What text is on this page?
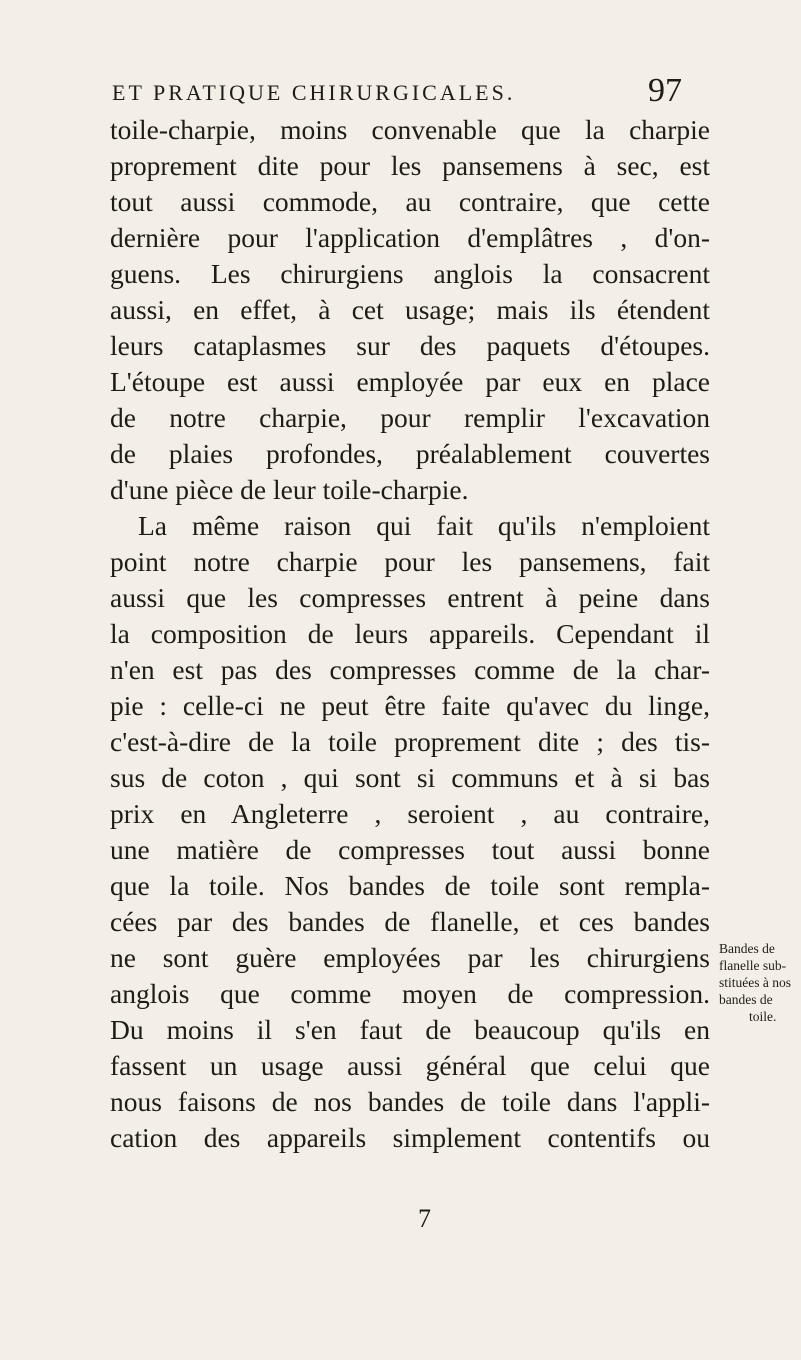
ET PRATIQUE CHIRURGICALES.	97
toile-charpie, moins convenable que la charpie
proprement dite pour les pansemens à sec, est
tout aussi commode, au contraire, que cette
dernière pour l'application d'emplâtres , d'on-
guens. Les chirurgiens anglois la consacrent
aussi, en effet, à cet usage; mais ils étendent
leurs cataplasmes sur des paquets d'étoupes.
L'étoupe est aussi employée par eux en place
de notre charpie, pour remplir l'excavation
de plaies profondes, préalablement couvertes
d'une pièce de leur toile-charpie.
La même raison qui fait qu'ils n'emploient
point notre charpie pour les pansemens, fait
aussi que les compresses entrent à peine dans
la composition de leurs appareils. Cependant il
n'en est pas des compresses comme de la char-
pie : celle-ci ne peut être faite qu'avec du linge,
c'est-à-dire de la toile proprement dite ; des tis-
sus de coton , qui sont si communs et à si bas
prix en Angleterre , seroient , au contraire,
une matière de compresses tout aussi bonne
que la toile. Nos bandes de toile sont rempla-
cées par des bandes de flanelle, et ces bandes
ne sont guère employées par les chirurgiens
anglois que comme moyen de compression.
Du moins il s'en faut de beaucoup qu'ils en
fassent un usage aussi général que celui que
nous faisons de nos bandes de toile dans l'appli-
cation des appareils simplement contentifs ou
Bandes de
flanelle sub-
stituées à nos
bandes de
toile.
7
